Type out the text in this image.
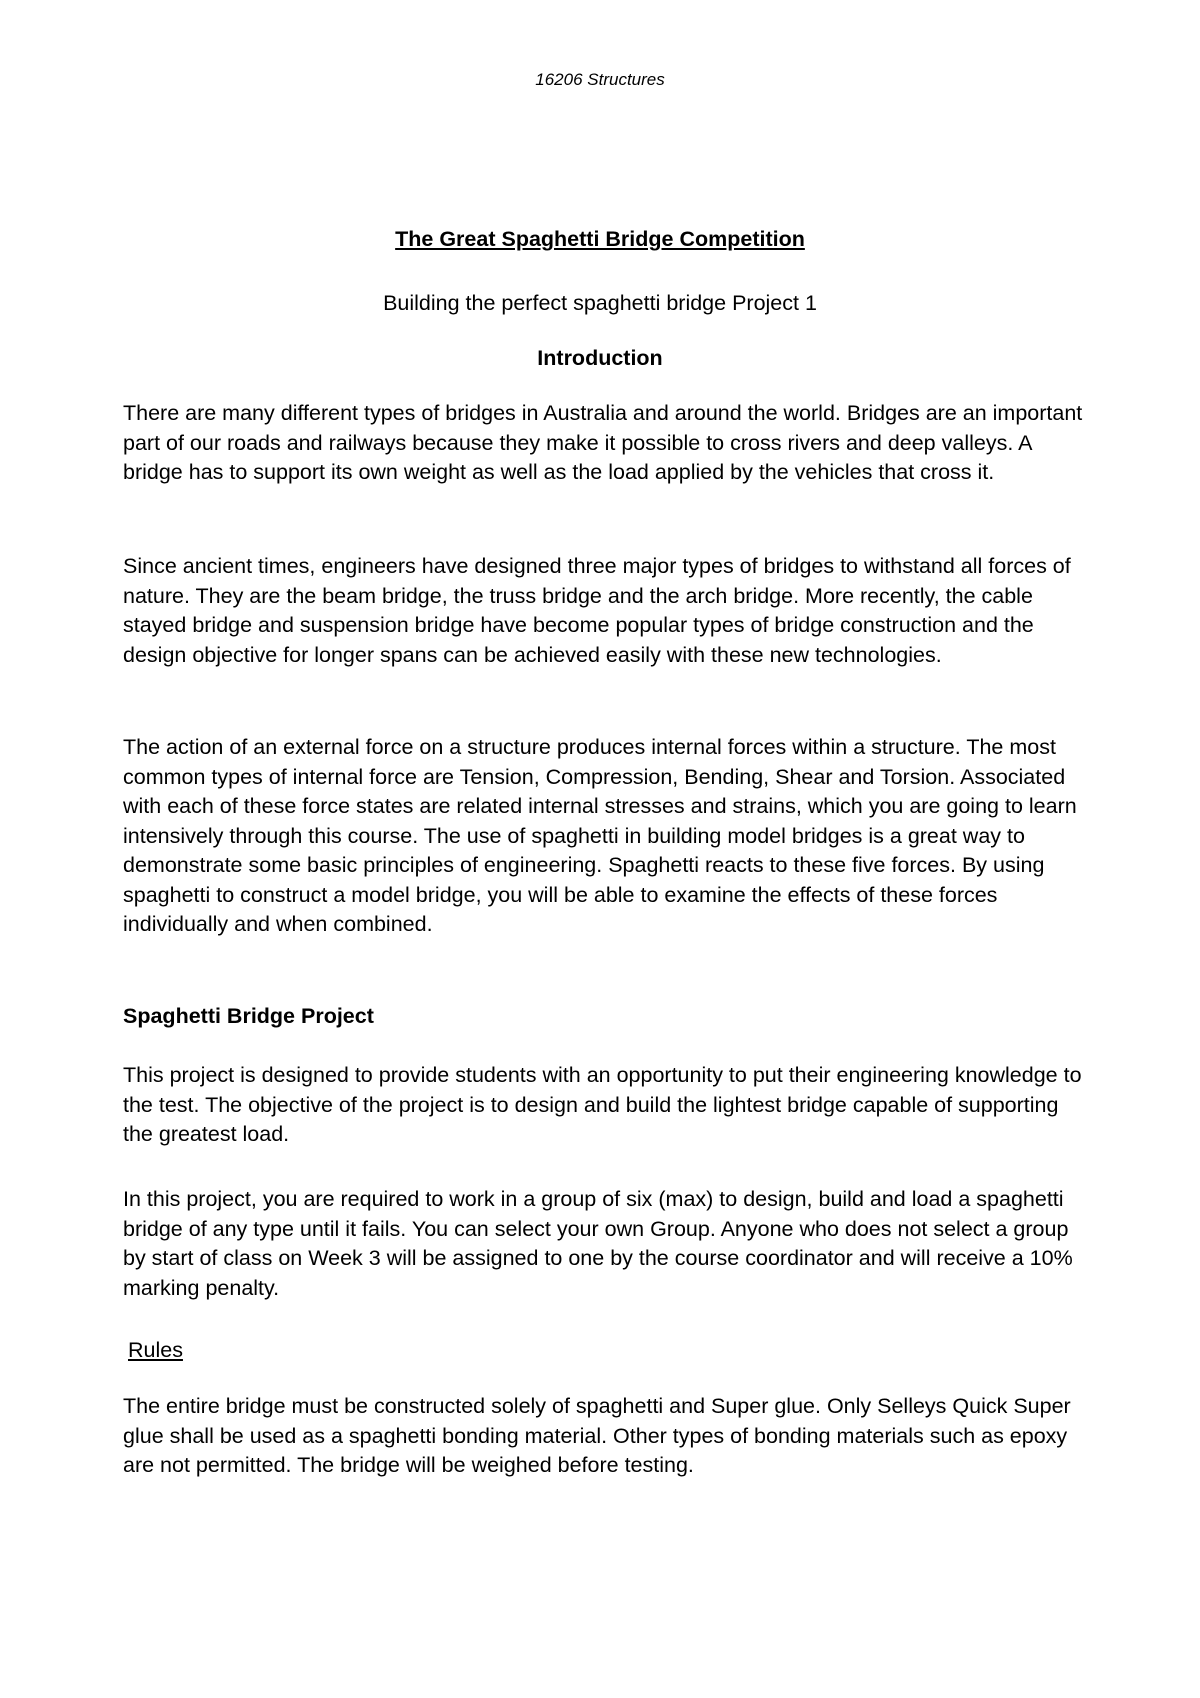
16206 Structures
The Great Spaghetti Bridge Competition
Building the perfect spaghetti bridge Project 1
Introduction

There are many different types of bridges in Australia and around the world. Bridges are an important part of our roads and railways because they make it possible to cross rivers and deep valleys. A bridge has to support its own weight as well as the load applied by the vehicles that cross it.

Since ancient times, engineers have designed three major types of bridges to withstand all forces of nature. They are the beam bridge, the truss bridge and the arch bridge. More recently, the cable stayed bridge and suspension bridge have become popular types of bridge construction and the design objective for longer spans can be achieved easily with these new technologies.

The action of an external force on a structure produces internal forces within a structure. The most common types of internal force are Tension, Compression, Bending, Shear and Torsion. Associated with each of these force states are related internal stresses and strains, which you are going to learn intensively through this course. The use of spaghetti in building model bridges is a great way to demonstrate some basic principles of engineering. Spaghetti reacts to these five forces. By using spaghetti to construct a model bridge, you will be able to examine the effects of these forces individually and when combined.

Spaghetti Bridge Project

This project is designed to provide students with an opportunity to put their engineering knowledge to the test. The objective of the project is to design and build the lightest bridge capable of supporting the greatest load.

In this project, you are required to work in a group of six (max) to design, build and load a spaghetti bridge of any type until it fails. You can select your own Group. Anyone who does not select a group by start of class on Week 3 will be assigned to one by the course coordinator and will receive a 10% marking penalty.

Rules

The entire bridge must be constructed solely of spaghetti and Super glue. Only Selleys Quick Super glue shall be used as a spaghetti bonding material. Other types of bonding materials such as epoxy are not permitted. The bridge will be weighed before testing.
